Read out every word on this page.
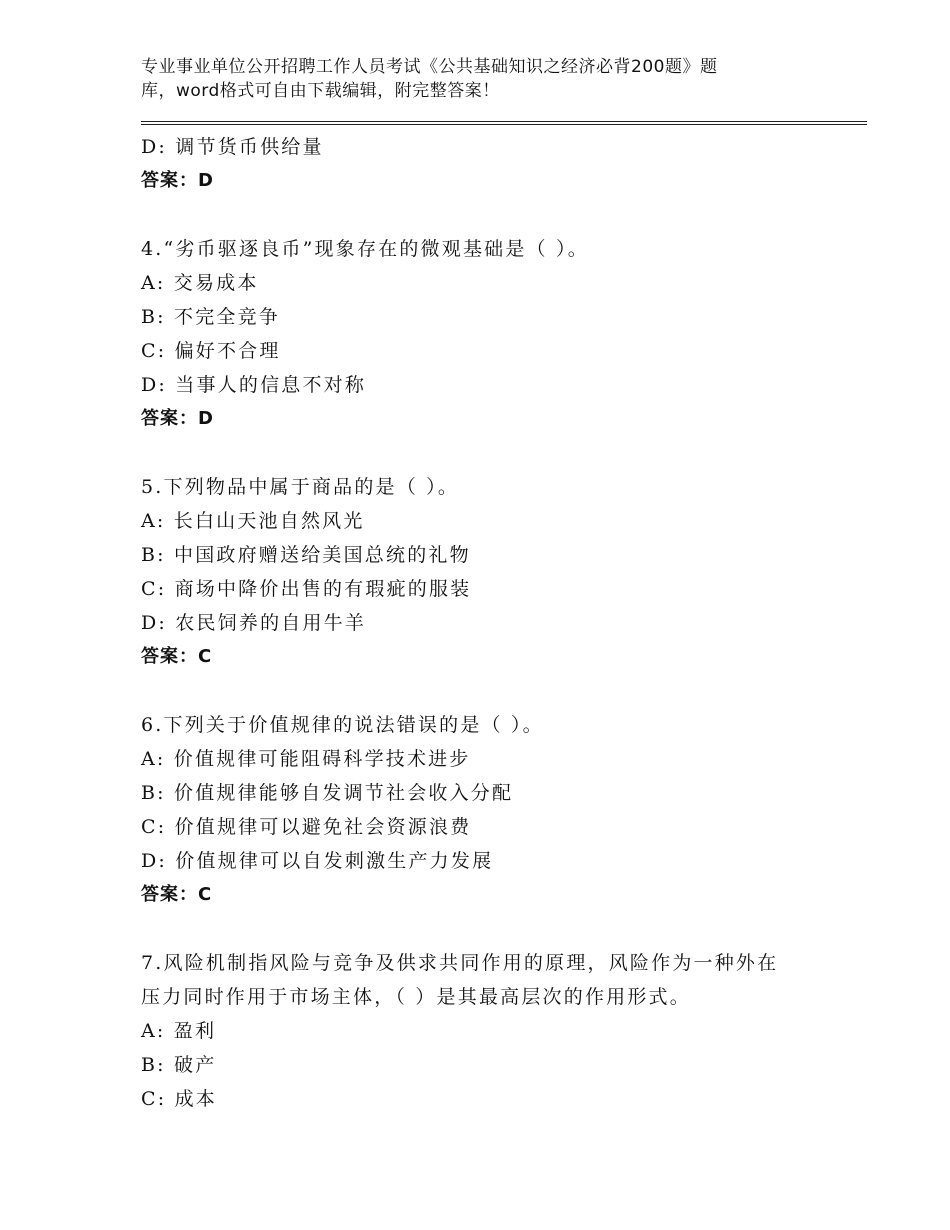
专业事业单位公开招聘工作人员考试《公共基础知识之经济必背200题》题
库，word格式可自由下载编辑，附完整答案！
D: 调节货币供给量
答案：D
4.“劣币驱逐良币”现象存在的微观基础是（ ）。
A: 交易成本
B: 不完全竞争
C: 偏好不合理
D: 当事人的信息不对称
答案：D
5.下列物品中属于商品的是（ ）。
A: 长白山天池自然风光
B: 中国政府赠送给美国总统的礼物
C: 商场中降价出售的有瑕疵的服装
D: 农民饲养的自用牛羊
答案：C
6.下列关于价值规律的说法错误的是（ ）。
A: 价值规律可能阻碍科学技术进步
B: 价值规律能够自发调节社会收入分配
C: 价值规律可以避免社会资源浪费
D: 价值规律可以自发刺激生产力发展
答案：C
7.风险机制指风险与竞争及供求共同作用的原理，风险作为一种外在
压力同时作用于市场主体，（ ）是其最高层次的作用形式。
A: 盈利
B: 破产
C: 成本
